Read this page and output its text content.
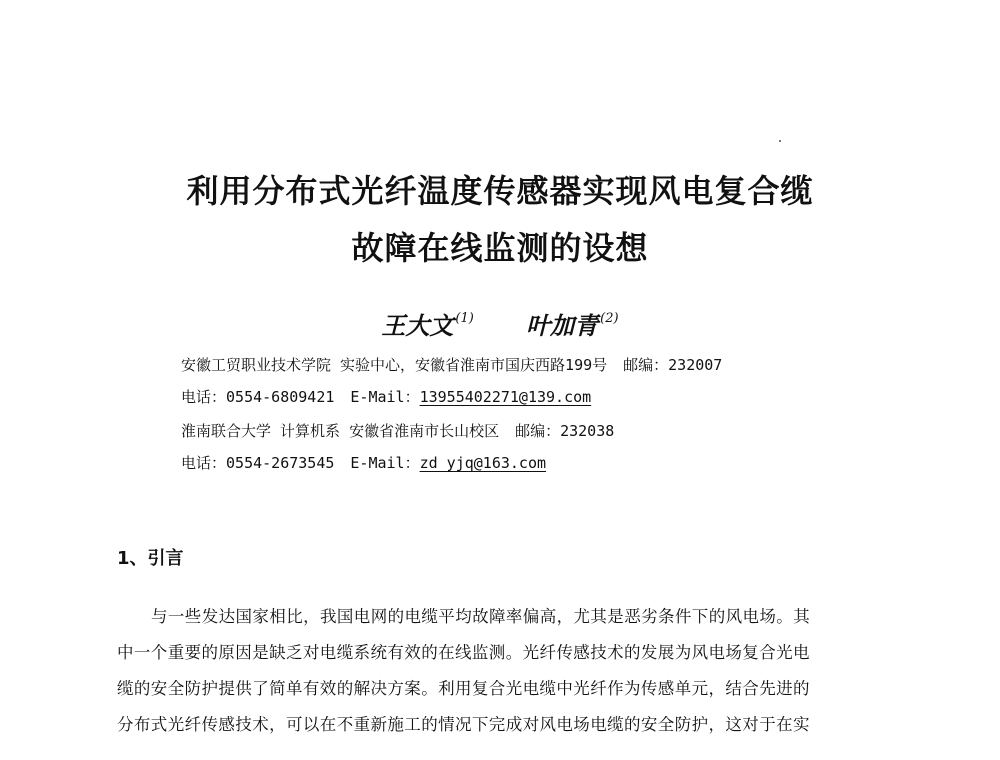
利用分布式光纤温度传感器实现风电复合缆
故障在线监测的设想
王大文 $^{(1)}$ 叶加青 $^{(2)}$
安徽工贸职业技术学院 实验中心，安徽省淮南市国庆西路199号 邮编：232007
电话：0554-6809421 E-Mail：13955402271@139.com
淮南联合大学 计算机系 安徽省淮南市长山校区 邮编：232038
电话：0554-2673545 E-Mail：zd_yjq@163.com
1、引言

与一些发达国家相比，我国电网的电缆平均故障率偏高，尤其是恶劣条件下的风电场。其
中一个重要的原因是缺乏对电缆系统有效的在线监测。光纤传感技术的发展为风电场复合光电
缆的安全防护提供了简单有效的解决方案。利用复合光电缆中光纤作为传感单元，结合先进的
分布式光纤传感技术，可以在不重新施工的情况下完成对风电场电缆的安全防护，这对于在实
